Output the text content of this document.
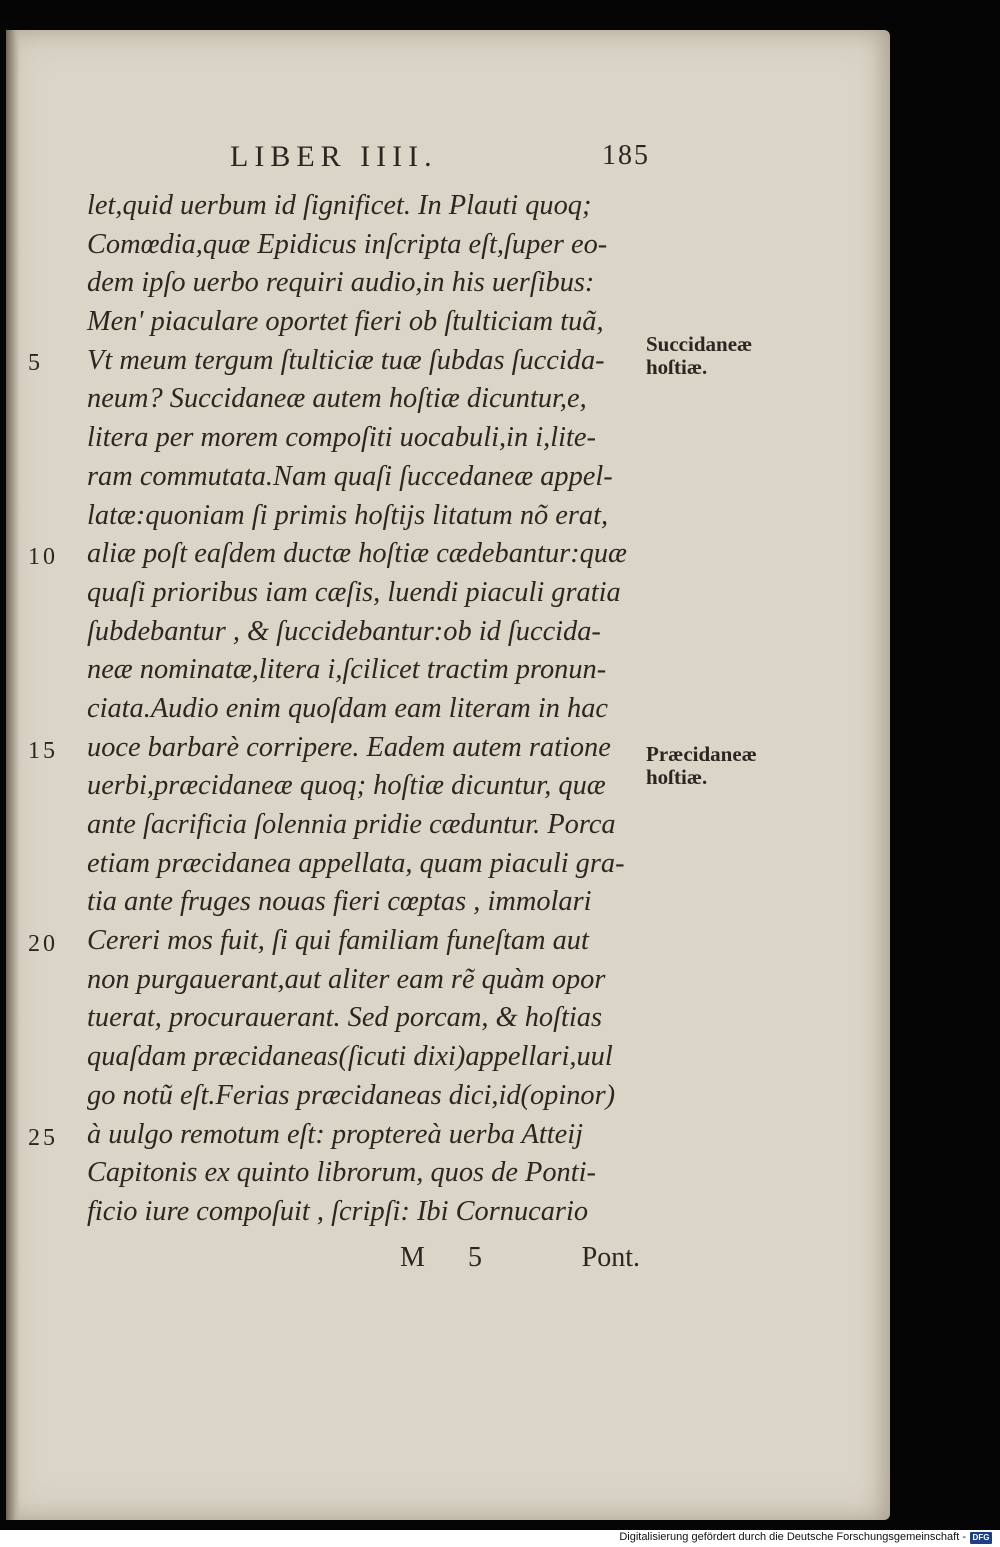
LIBER IIII.	185
let,quid uerbum id ſignificet. In Plauti quoq;
Comœdia,quæ Epidicus inſcripta eſt,ſuper eo-
dem ipſo uerbo requiri audio,in his uerſibus:
Men' piaculare oportet fieri ob ſtulticiam tuã,
Vt meum tergum ſtulticiæ tuæ ſubdas ſuccida-
neum? Succidaneæ autem hoſtiæ dicuntur,e,
litera per morem compoſiti uocabuli,in i,lite-
ram commutata.Nam quaſi ſuccedaneæ appel-
latæ:quoniam ſi primis hoſtijs litatum nõ erat,
aliæ poſt eaſdem ductæ hoſtiæ cædebantur:quæ
quaſi prioribus iam cæſis, luendi piaculi gratia
ſubdebantur , & ſuccidebantur:ob id ſuccida-
neæ nominatæ,litera i,ſcilicet tractim pronun-
ciata.Audio enim quoſdam eam literam in hac
uoce barbarè corripere. Eadem autem ratione
uerbi,præcidaneæ quoq; hoſtiæ dicuntur, quæ
ante ſacrificia ſolennia pridie cæduntur. Porca
etiam præcidanea appellata, quam piaculi gra-
tia ante fruges nouas fieri cœptas , immolari
Cereri mos fuit, ſi qui familiam funeſtam aut
non purgauerant,aut aliter eam rẽ quàm opor
tuerat, procurauerant. Sed porcam, & hoſtias
quaſdam præcidaneas(ſicuti dixi)appellari,uul
go notũ eſt.Ferias præcidaneas dici,id(opinor)
à uulgo remotum eſt: proptereà uerba Atteij
Capitonis ex quinto librorum, quos de Ponti-
ficio iure compoſuit , ſcripſi: Ibi Cornucario
5
10
15
20
25
Succidaneæ
hoſtiæ.
Præcidaneæ
hoſtiæ.
M 5	Pont.
Digitalisierung gefördert durch die Deutsche Forschungsgemeinschaft - DFG
